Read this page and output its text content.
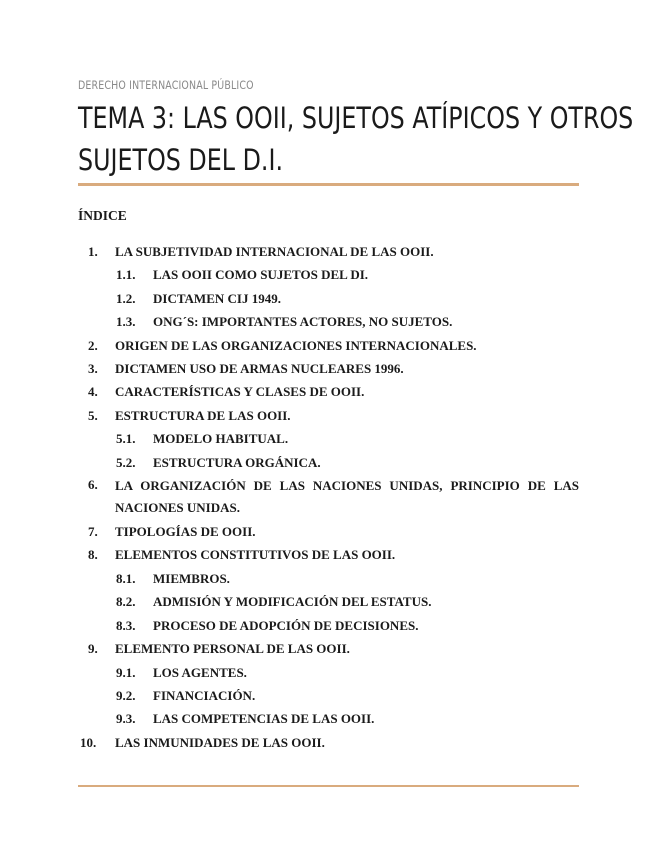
DERECHO INTERNACIONAL PÚBLICO
TEMA 3: LAS OOII, SUJETOS ATÍPICOS Y OTROS
SUJETOS DEL D.I.
ÍNDICE
1. LA SUBJETIVIDAD INTERNACIONAL DE LAS OOII.
1.1. LAS OOII COMO SUJETOS DEL DI.
1.2. DICTAMEN CIJ 1949.
1.3. ONG´S: IMPORTANTES ACTORES, NO SUJETOS.
2. ORIGEN DE LAS ORGANIZACIONES INTERNACIONALES.
3. DICTAMEN USO DE ARMAS NUCLEARES 1996.
4. CARACTERÍSTICAS Y CLASES DE OOII.
5. ESTRUCTURA DE LAS OOII.
5.1. MODELO HABITUAL.
5.2. ESTRUCTURA ORGÁNICA.
6. LA ORGANIZACIÓN DE LAS NACIONES UNIDAS, PRINCIPIO DE LAS NACIONES UNIDAS.
7. TIPOLOGÍAS DE OOII.
8. ELEMENTOS CONSTITUTIVOS DE LAS OOII.
8.1. MIEMBROS.
8.2. ADMISIÓN Y MODIFICACIÓN DEL ESTATUS.
8.3. PROCESO DE ADOPCIÓN DE DECISIONES.
9. ELEMENTO PERSONAL DE LAS OOII.
9.1. LOS AGENTES.
9.2. FINANCIACIÓN.
9.3. LAS COMPETENCIAS DE LAS OOII.
10. LAS INMUNIDADES DE LAS OOII.
